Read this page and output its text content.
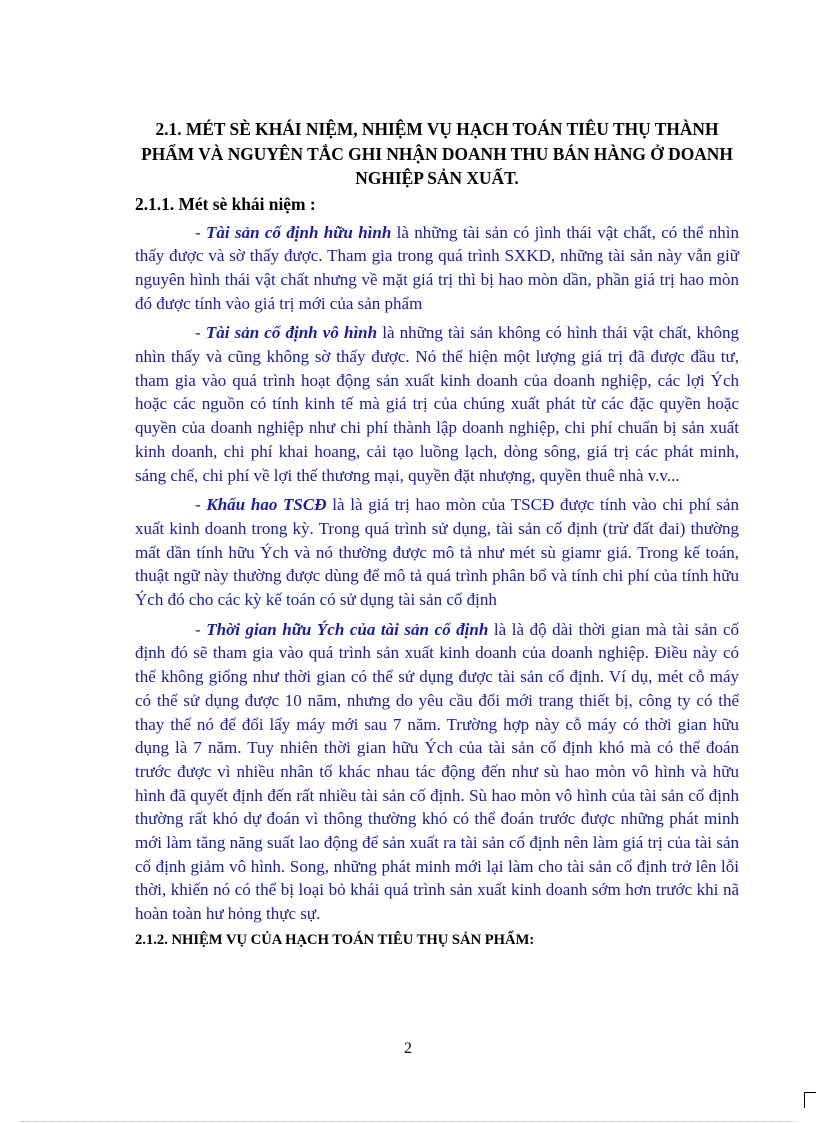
2.1. MÉT SÈ KHÁI NIỆM, NHIỆM VỤ HẠCH TOÁN TIÊU THỤ THÀNH PHẨM VÀ NGUYÊN TẮC GHI NHẬN DOANH THU BÁN HÀNG Ở DOANH NGHIỆP SẢN XUẤT.
2.1.1. Mét sè khái niệm :

- Tài sản cố định hữu hình là những tài sản có jình thái vật chất, có thể nhìn thấy được và sờ thấy được. Tham gia trong quá trình SXKD, những tài sản này vẫn giữ nguyên hình thái vật chất nhưng về mặt giá trị thì bị hao mòn dần, phần giá trị hao mòn đó được tính vào giá trị mới của sản phẩm

- Tài sản cố định vô hình là những tài sản không có hình thái vật chất, không nhìn thấy và cũng không sờ thấy được. Nó thể hiện một lượng giá trị đã được đầu tư, tham gia vào quá trình hoạt động sản xuất kinh doanh của doanh nghiệp, các lợi Ých hoặc các nguồn có tính kinh tế mà giá trị của chúng xuất phát từ các đặc quyền hoặc quyền của doanh nghiệp như chi phí thành lập doanh nghiệp, chi phí chuẩn bị sản xuất kinh doanh, chi phí khai hoang, cải tạo luồng lạch, dòng sông, giá trị các phát minh, sáng chế, chi phí về lợi thế thương mại, quyền đặt nhượng, quyền thuê nhà v.v...

- Khấu hao TSCĐ là là giá trị hao mòn của TSCĐ được tính vào chi phí sản xuất kinh doanh trong kỳ. Trong quá trình sử dụng, tài sản cố định (trừ đất đai) thường mất dần tính hữu Ých và nó thường được mô tả như mét sù giamr giá. Trong kế toán, thuật ngữ này thường được dùng để mô tả quá trình phân bổ và tính chi phí của tính hữu Ých đó cho các kỳ kế toán có sử dụng tài sản cố định

- Thời gian hữu Ých của tài sản cố định là là độ dài thời gian mà tài sản cố định đó sẽ tham gia vào quá trình sản xuất kinh doanh của doanh nghiệp. Điều này có thể không giống như thời gian có thể sử dụng được tài sản cố định. Ví dụ, mét cỗ máy có thể sử dụng được 10 năm, nhưng do yêu cầu đổi mới trang thiết bị, công ty có thể thay thế nó để đổi lấy máy mới sau 7 năm. Trường hợp này cỗ máy có thời gian hữu dụng là 7 năm. Tuy nhiên thời gian hữu Ých của tài sản cố định khó mà có thể đoán trước được vì nhiều nhân tố khác nhau tác động đến như sù hao mòn vô hình và hữu hình đã quyết định đến rất nhiều tài sản cố định. Sù hao mòn vô hình của tài sản cố định thường rất khó dự đoán vì thông thường khó có thể đoán trước được những phát minh mới làm tăng năng suất lao động để sản xuất ra tài sản cố định nên làm giá trị của tài sản cố định giảm vô hình. Song, những phát minh mới lại làm cho tài sản cố định trở lên lỗi thời, khiến nó có thể bị loại bỏ khái quá trình sản xuất kinh doanh sớm hơn trước khi nã hoàn toàn hư hỏng thực sự.

2.1.2. NHIỆM VỤ CỦA HẠCH TOÁN TIÊU THỤ SẢN PHẨM:
2
